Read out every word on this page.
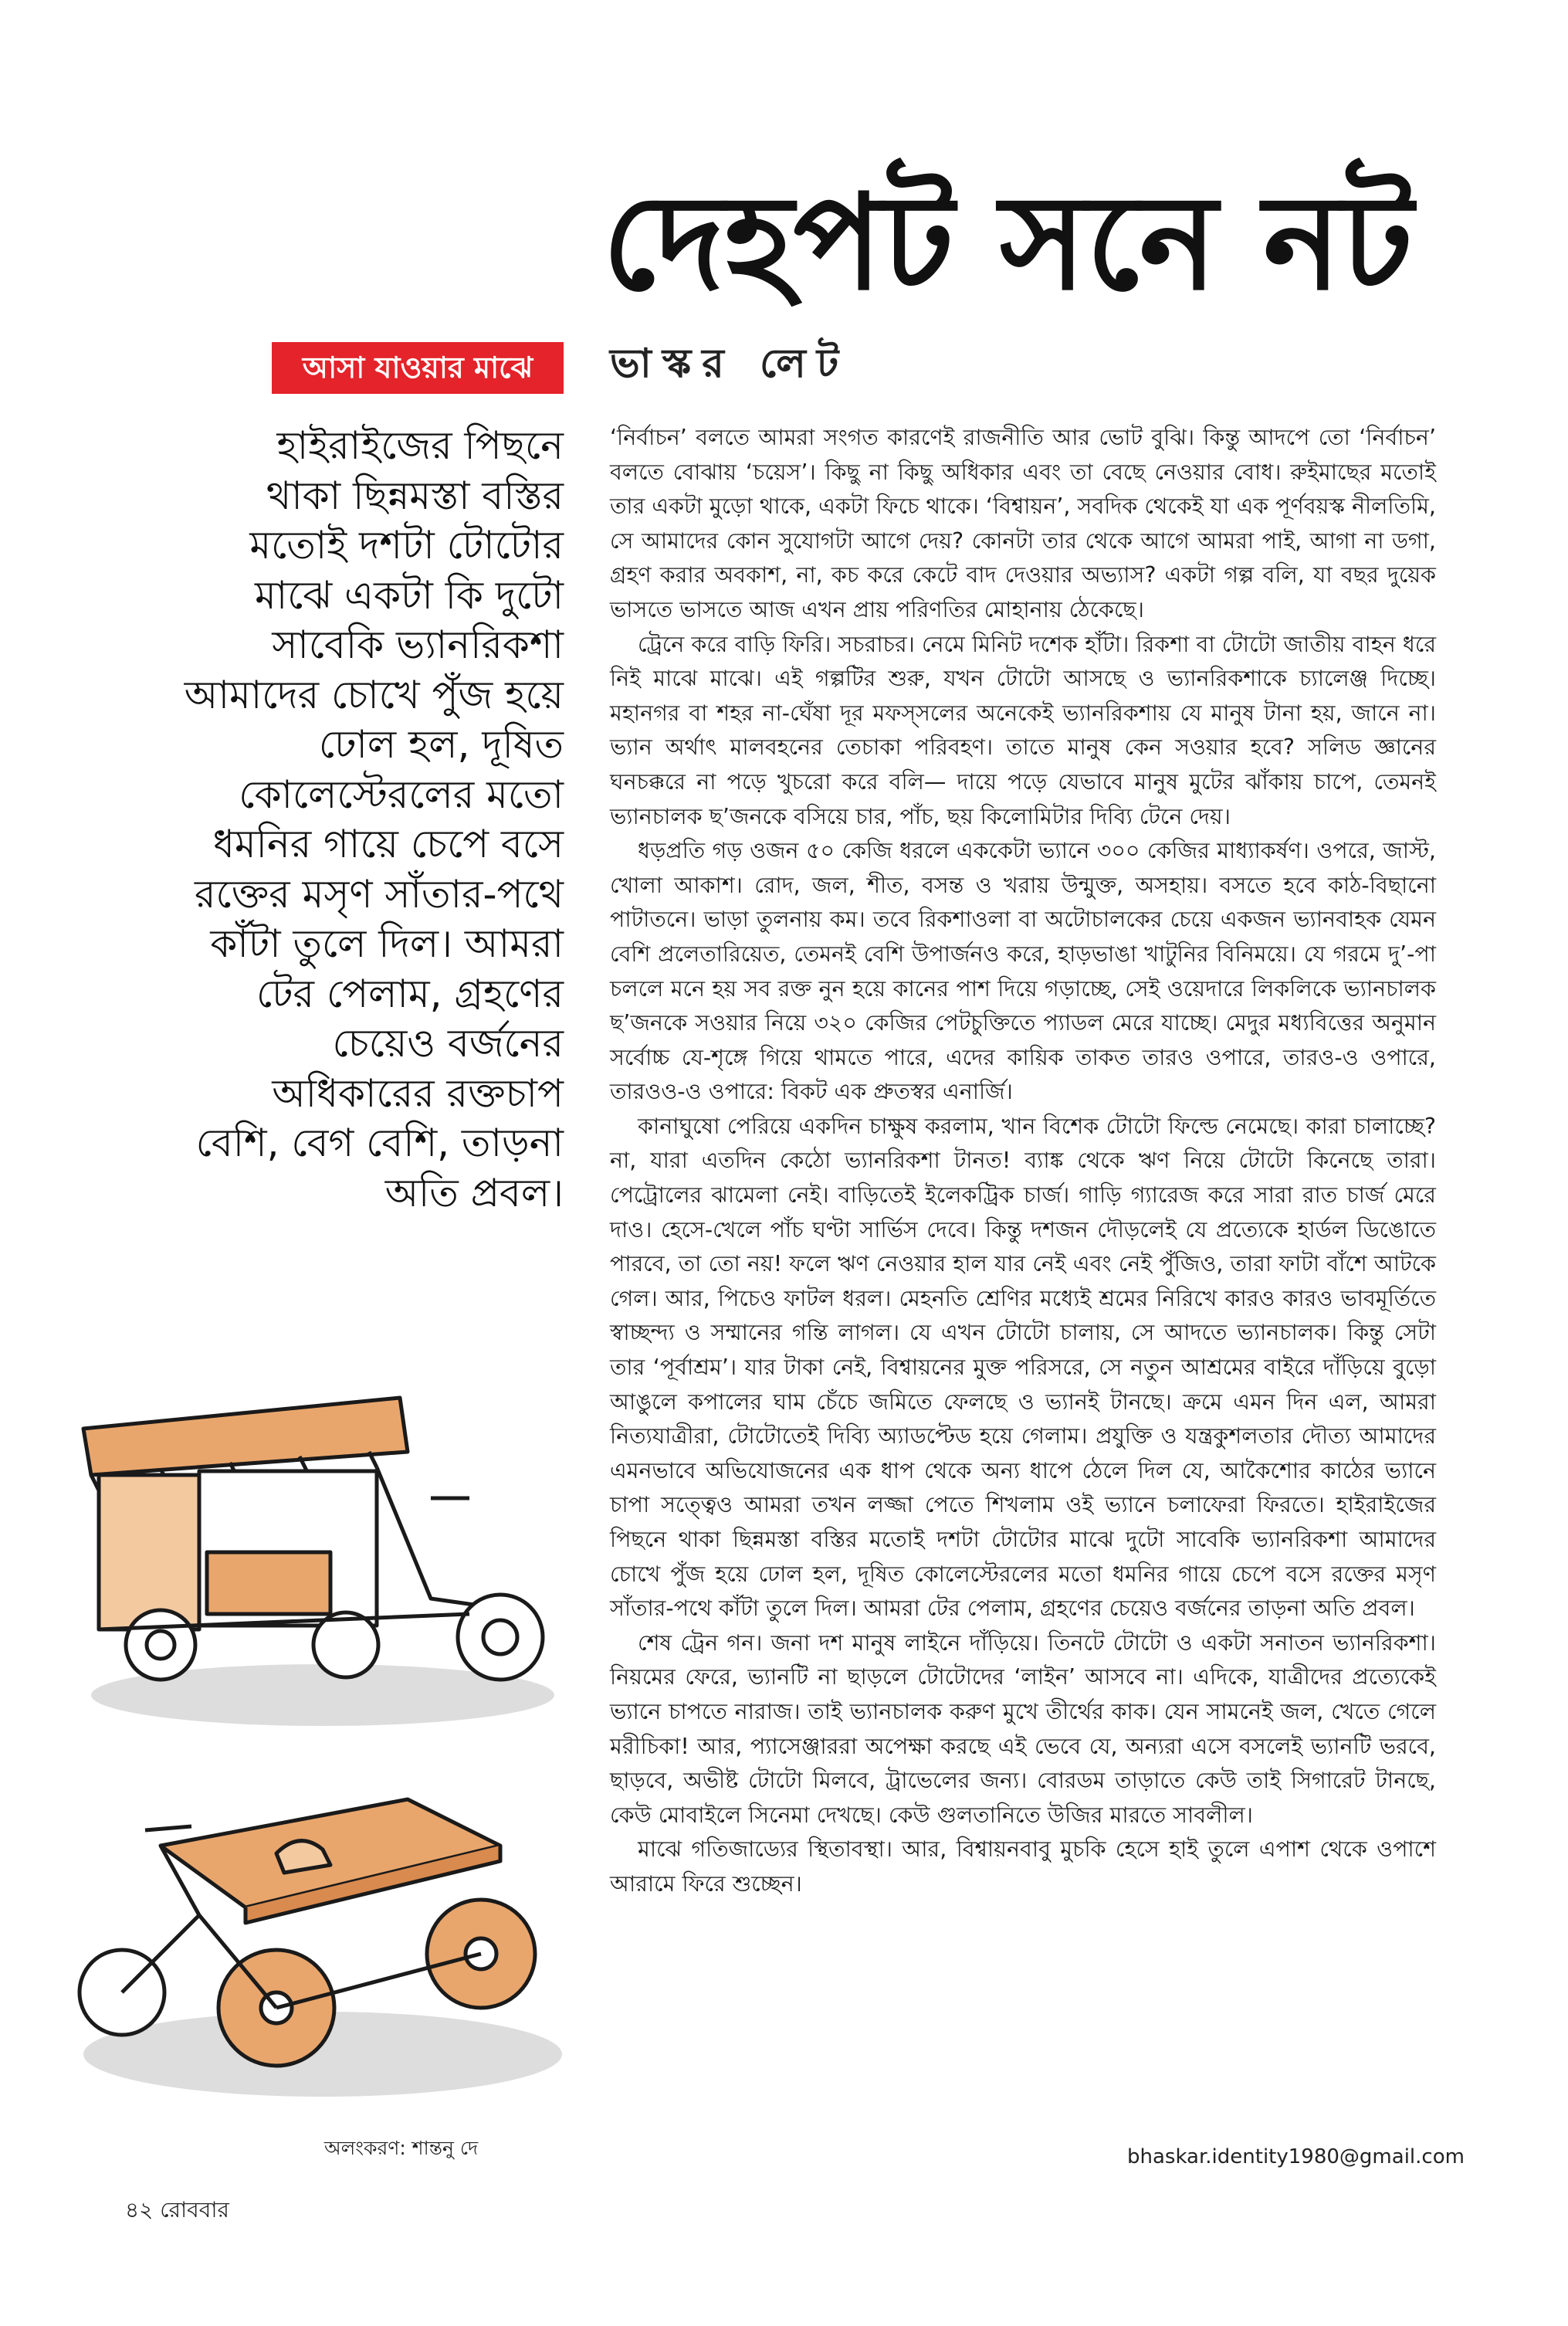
দেহপট সনে নট
ভাস্কর লেট
আসা যাওয়ার মাঝে
হাইরাইজের পিছনে
থাকা ছিন্নমস্তা বস্তির
মতোই দশটা টোটোর
মাঝে একটা কি দুটো
সাবেকি ভ্যানরিকশা
আমাদের চোখে পুঁজ হয়ে
ঢোল হল, দূষিত
কোলেস্টেরলের মতো
ধমনির গায়ে চেপে বসে
রক্তের মসৃণ সাঁতার-পথে
কাঁটা তুলে দিল। আমরা
টের পেলাম, গ্রহণের
চেয়েও বর্জনের
অধিকারের রক্তচাপ
বেশি, বেগ বেশি, তাড়না
অতি প্রবল।

‘নির্বাচন’ বলতে আমরা সংগত কারণেই রাজনীতি আর ভোট বুঝি। কিন্তু আদপে তো ‘নির্বাচন’ বলতে বোঝায় ‘চয়েস’। কিছু না কিছু অধিকার এবং তা বেছে নেওয়ার বোধ। রুইমাছের মতোই তার একটা মুড়ো থাকে, একটা ফিচে থাকে। ‘বিশ্বায়ন’, সবদিক থেকেই যা এক পূর্ণবয়স্ক নীলতিমি, সে আমাদের কোন সুযোগটা আগে দেয়? কোনটা তার থেকে আগে আমরা পাই, আগা না ডগা, গ্রহণ করার অবকাশ, না, কচ করে কেটে বাদ দেওয়ার অভ্যাস? একটা গল্প বলি, যা বছর দুয়েক ভাসতে ভাসতে আজ এখন প্রায় পরিণতির মোহানায় ঠেকেছে।

ট্রেনে করে বাড়ি ফিরি। সচরাচর। নেমে মিনিট দশেক হাঁটা। রিকশা বা টোটো জাতীয় বাহন ধরে নিই মাঝে মাঝে। এই গল্পটির শুরু, যখন টোটো আসছে ও ভ্যানরিকশাকে চ্যালেঞ্জ দিচ্ছে। মহানগর বা শহর না-ঘেঁষা দূর মফস্‌সলের অনেকেই ভ্যানরিকশায় যে মানুষ টানা হয়, জানে না। ভ্যান অর্থাৎ মালবহনের তেচাকা পরিবহণ। তাতে মানুষ কেন সওয়ার হবে? সলিড জ্ঞানের ঘনচক্করে না পড়ে খুচরো করে বলি— দায়ে পড়ে যেভাবে মানুষ মুটের ঝাঁকায় চাপে, তেমনই ভ্যানচালক ছ’জনকে বসিয়ে চার, পাঁচ, ছয় কিলোমিটার দিব্যি টেনে দেয়।

ধড়প্রতি গড় ওজন ৫০ কেজি ধরলে এককেটা ভ্যানে ৩০০ কেজির মাধ্যাকর্ষণ। ওপরে, জাস্ট, খোলা আকাশ। রোদ, জল, শীত, বসন্ত ও খরায় উন্মুক্ত, অসহায়। বসতে হবে কাঠ-বিছানো পাটাতনে। ভাড়া তুলনায় কম। তবে রিকশাওলা বা অটোচালকের চেয়ে একজন ভ্যানবাহক যেমন বেশি প্রলেতারিয়েত, তেমনই বেশি উপার্জনও করে, হাড়ভাঙা খাটুনির বিনিময়ে। যে গরমে দু’-পা চললে মনে হয় সব রক্ত নুন হয়ে কানের পাশ দিয়ে গড়াচ্ছে, সেই ওয়েদারে লিকলিকে ভ্যানচালক ছ’জনকে সওয়ার নিয়ে ৩২০ কেজির পেটচুক্তিতে প্যাডল মেরে যাচ্ছে। মেদুর মধ্যবিত্তের অনুমান সর্বোচ্চ যে-শৃঙ্গে গিয়ে থামতে পারে, এদের কায়িক তাকত তারও ওপারে, তারও-ও ওপারে, তারওও-ও ওপারে: বিকট এক প্রুতস্বর এনার্জি।

কানাঘুষো পেরিয়ে একদিন চাক্ষুষ করলাম, খান বিশেক টোটো ফিল্ডে নেমেছে। কারা চালাচ্ছে? না, যারা এতদিন কেঠো ভ্যানরিকশা টানত! ব্যাঙ্ক থেকে ঋণ নিয়ে টোটো কিনেছে তারা। পেট্রোলের ঝামেলা নেই। বাড়িতেই ইলেকট্রিক চার্জ। গাড়ি গ্যারেজ করে সারা রাত চার্জ মেরে দাও। হেসে-খেলে পাঁচ ঘণ্টা সার্ভিস দেবে। কিন্তু দশজন দৌড়লেই যে প্রত্যেকে হার্ডল ডিঙোতে পারবে, তা তো নয়! ফলে ঋণ নেওয়ার হাল যার নেই এবং নেই পুঁজিও, তারা ফাটা বাঁশে আটকে গেল। আর, পিচেও ফাটল ধরল। মেহনতি শ্রেণির মধ্যেই শ্রমের নিরিখে কারও কারও ভাবমূর্তিতে স্বাচ্ছন্দ্য ও সম্মানের গন্তি লাগল। যে এখন টোটো চালায়, সে আদতে ভ্যানচালক। কিন্তু সেটা তার ‘পূর্বাশ্রম’। যার টাকা নেই, বিশ্বায়নের মুক্ত পরিসরে, সে নতুন আশ্রমের বাইরে দাঁড়িয়ে বুড়ো আঙুলে কপালের ঘাম চেঁচে জমিতে ফেলছে ও ভ্যানই টানছে। ক্রমে এমন দিন এল, আমরা নিত্যযাত্রীরা, টোটোতেই দিব্যি অ্যাডপ্টেড হয়ে গেলাম। প্রযুক্তি ও যন্ত্রকুশলতার দৌত্য আমাদের এমনভাবে অভিযোজনের এক ধাপ থেকে অন্য ধাপে ঠেলে দিল যে, আকৈশোর কাঠের ভ্যানে চাপা সত্ত্বেও আমরা তখন লজ্জা পেতে শিখলাম ওই ভ্যানে চলাফেরা ফিরতে। হাইরাইজের পিছনে থাকা ছিন্নমস্তা বস্তির মতোই দশটা টোটোর মাঝে দুটো সাবেকি ভ্যানরিকশা আমাদের চোখে পুঁজ হয়ে ঢোল হল, দূষিত কোলেস্টেরলের মতো ধমনির গায়ে চেপে বসে রক্তের মসৃণ সাঁতার-পথে কাঁটা তুলে দিল। আমরা টের পেলাম, গ্রহণের চেয়েও বর্জনের তাড়না অতি প্রবল।

শেষ ট্রেন গন। জনা দশ মানুষ লাইনে দাঁড়িয়ে। তিনটে টোটো ও একটা সনাতন ভ্যানরিকশা। নিয়মের ফেরে, ভ্যানটি না ছাড়লে টোটোদের ‘লাইন’ আসবে না। এদিকে, যাত্রীদের প্রত্যেকেই ভ্যানে চাপতে নারাজ। তাই ভ্যানচালক করুণ মুখে তীর্থের কাক। যেন সামনেই জল, খেতে গেলে মরীচিকা! আর, প্যাসেঞ্জাররা অপেক্ষা করছে এই ভেবে যে, অন্যরা এসে বসলেই ভ্যানটি ভরবে, ছাড়বে, অভীষ্ট টোটো মিলবে, ট্রাভেলের জন্য। বোরডম তাড়াতে কেউ তাই সিগারেট টানছে, কেউ মোবাইলে সিনেমা দেখছে। কেউ গুলতানিতে উজির মারতে সাবলীল।

মাঝে গতিজাড্যের স্থিতাবস্থা। আর, বিশ্বায়নবাবু মুচকি হেসে হাই তুলে এপাশ থেকে ওপাশে আরামে ফিরে শুচ্ছেন।

অলংকরণ: শান্তনু দে	bhaskar.identity1980@gmail.com
৪২ রোববার
